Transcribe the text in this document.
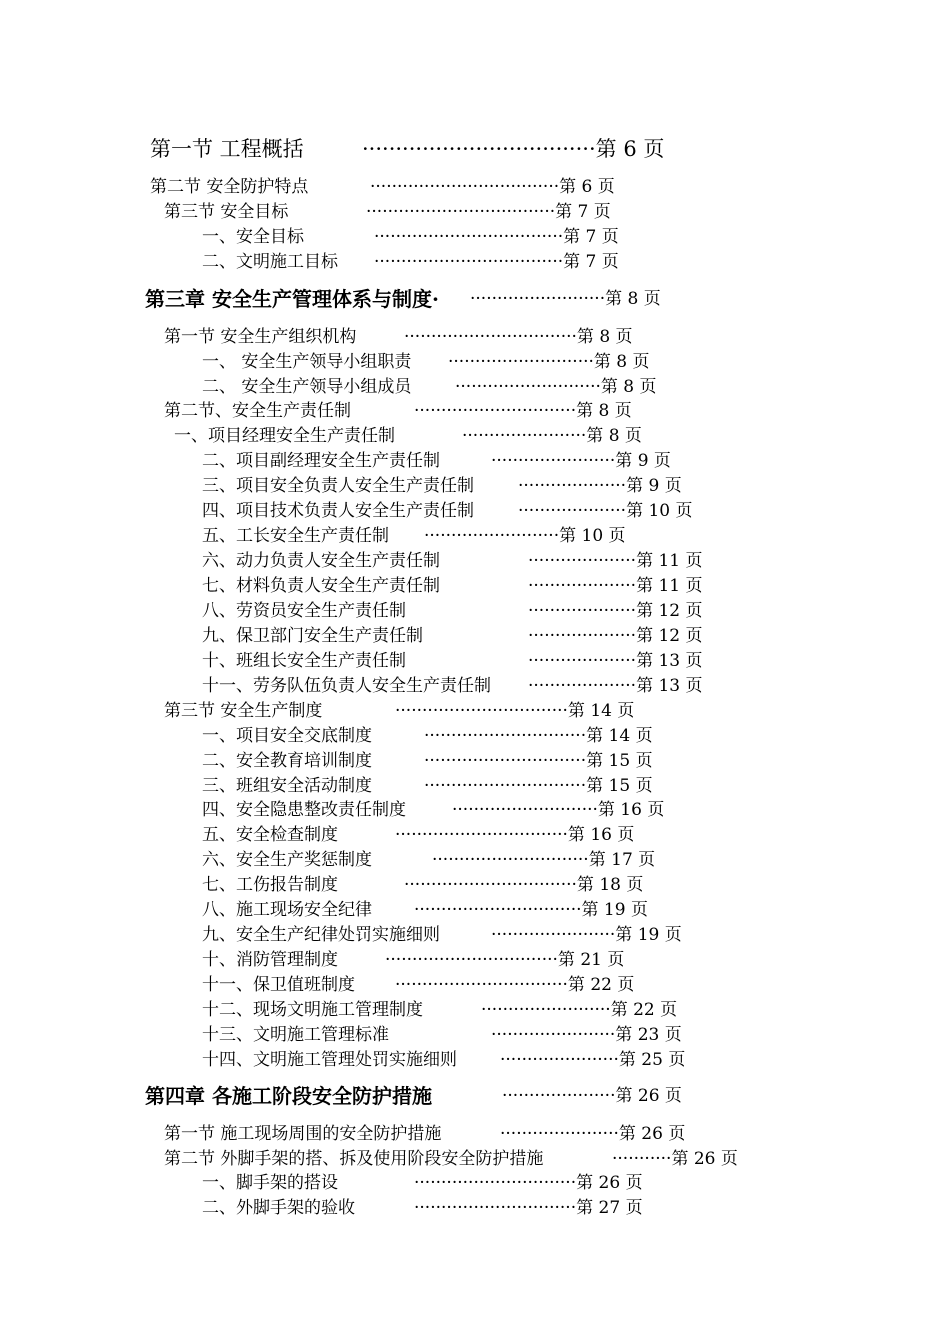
第一节 工程概括	···································第 6 页
第二节 安全防护特点	···································第 6 页
第三节 安全目标	···································第 7 页
一、安全目标	···································第 7 页
二、文明施工目标 ···································第 7 页
第三章 安全生产管理体系与制度· ·························第 8 页
第一节 安全生产组织机构	································第 8 页
一、 安全生产领导小组职责 ···························第 8 页
二、 安全生产领导小组成员	···························第 8 页
第二节、安全生产责任制	······························第 8 页
一、项目经理安全生产责任制	·······················第 8 页
二、项目副经理安全生产责任制	·······················第 9 页
三、项目安全负责人安全生产责任制	····················第 9 页
四、项目技术负责人安全生产责任制	····················第 10 页
五、工长安全生产责任制 ·························第 10 页
六、动力负责人安全生产责任制	····················第 11 页
七、材料负责人安全生产责任制	····················第 11 页
八、劳资员安全生产责任制	····················第 12 页
九、保卫部门安全生产责任制	····················第 12 页
十、班组长安全生产责任制	····················第 13 页
十一、劳务队伍负责人安全生产责任制 ····················第 13 页
第三节 安全生产制度	································第 14 页
一、项目安全交底制度	······························第 14 页
二、安全教育培训制度	······························第 15 页
三、班组安全活动制度	······························第 15 页
四、安全隐患整改责任制度	···························第 16 页
五、安全检查制度	································第 16 页
六、安全生产奖惩制度	·····························第 17 页
七、工伤报告制度	································第 18 页
八、施工现场安全纪律 ·······························第 19 页
九、安全生产纪律处罚实施细则	·······················第 19 页
十、消防管理制度	································第 21 页
十一、保卫值班制度 ································第 22 页
十二、现场文明施工管理制度	························第 22 页
十三、文明施工管理标准	·······················第 23 页
十四、文明施工管理处罚实施细则	······················第 25 页
第四章 各施工阶段安全防护措施	·····················第 26 页
第一节 施工现场周围的安全防护措施	······················第 26 页
第二节 外脚手架的搭、拆及使用阶段安全防护措施	···········第 26 页
一、脚手架的搭设	······························第 26 页
二、外脚手架的验收	······························第 27 页
